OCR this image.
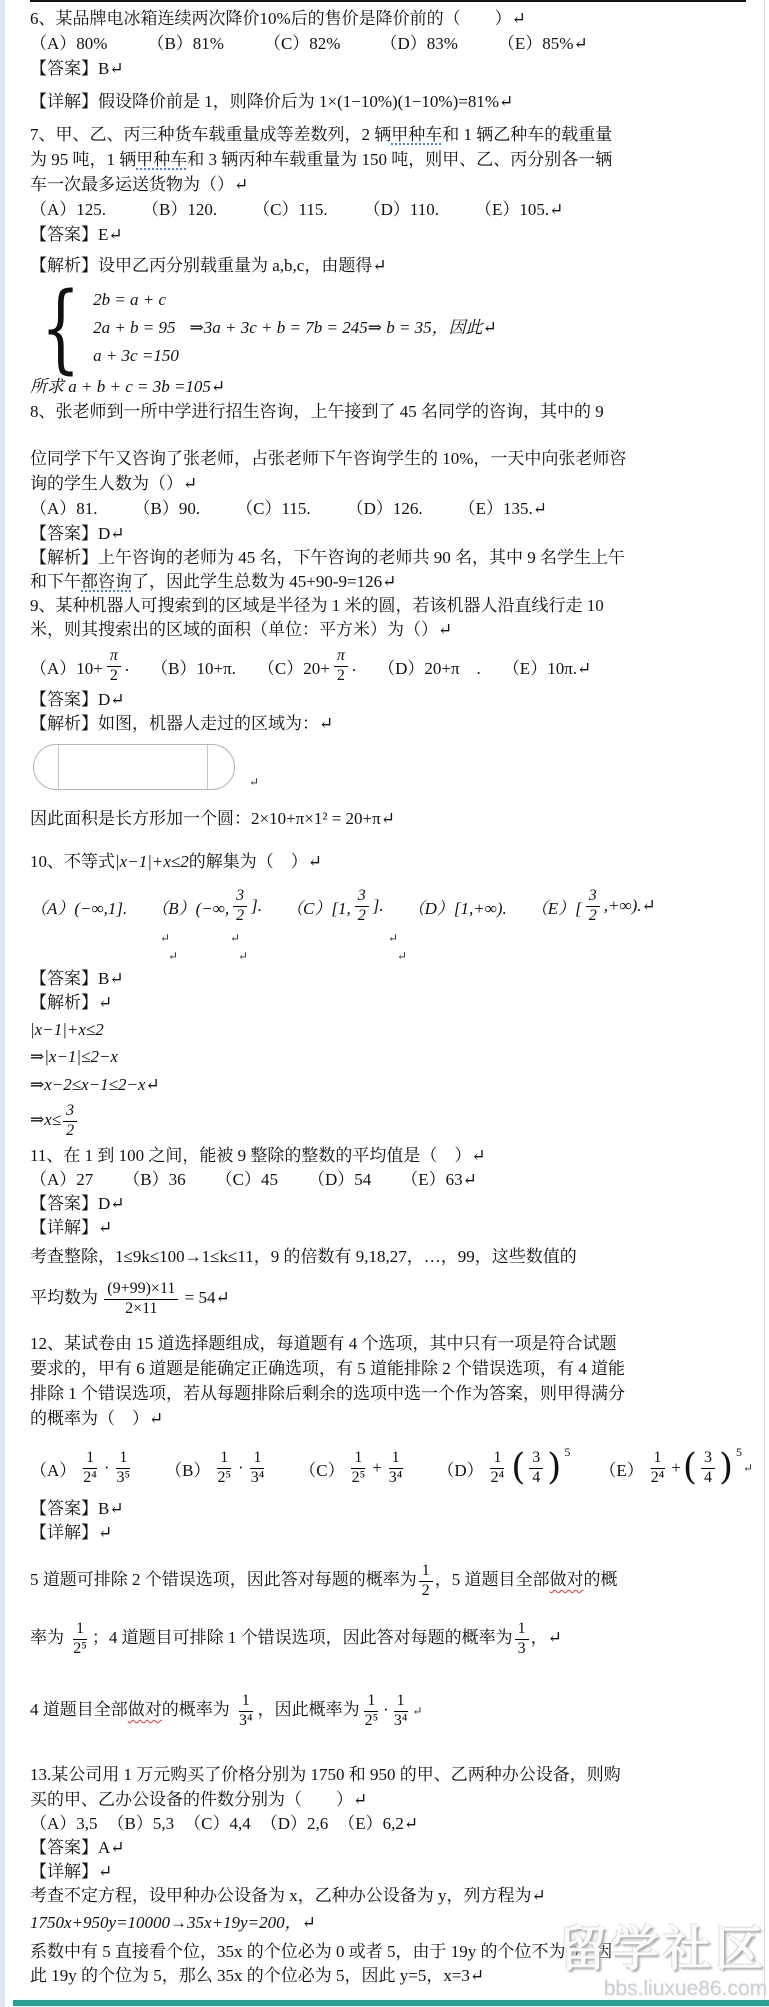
6、某品牌电冰箱连续两次降价10%后的售价是降价前的（　　）↵
（A）80% （B）81% （C）82% （D）83% （E）85%↵
【答案】B↵
【详解】假设降价前是 1，则降价后为 1×(1−10%)(1−10%)=81%↵
7、甲、乙、丙三种货车载重量成等差数列，2 辆甲种车和 1 辆乙种车的载重量
为 95 吨，1 辆甲种车和 3 辆丙种车载重量为 150 吨，则甲、乙、丙分别各一辆
车一次最多运送货物为（）↵
（A）125. （B）120. （C）115. （D）110. （E）105.↵
【答案】E↵
【解析】设甲乙丙分别载重量为 a,b,c，由题得↵
{ 2b = a + c
2a + b = 95 ⇒3a + 3c + b = 7b = 245⇒ b = 35，因此↵
a + 3c =150
所求 a + b + c = 3b =105↵
8、张老师到一所中学进行招生咨询，上午接到了 45 名同学的咨询，其中的 9
位同学下午又咨询了张老师，占张老师下午咨询学生的 10%，一天中向张老师咨
询的学生人数为（）↵
（A）81. （B）90. （C）115. （D）126. （E）135.↵
【答案】D↵
【解析】上午咨询的老师为 45 名，下午咨询的老师共 90 名，其中 9 名学生上午
和下午都咨询了，因此学生总数为 45+90-9=126↵
9、某种机器人可搜索到的区域是半径为 1 米的圆，若该机器人沿直线行走 10
米，则其搜索出的区域的面积（单位：平方米）为（）↵
$(A)10+ \frac{\pi}{2}$ . （B）10+π. $(C)20+ \frac{\pi}{2}$ . （D）20+π　. （E）10π.↵
【答案】D↵
【解析】如图，机器人走过的区域为：↵
↵
因此面积是长方形加一个圆：2×10+π×1² = 20+π↵
10、不等式|x−1|+x≤2的解集为（　）↵
（A）(−∞,1]. （B）(−∞, $\frac{3}{2}$ ]. （C）[1, $\frac{3}{2}$ ]. （D）[1,+∞). $(E)[ \frac{3}{2}$ ,+∞).↵
↵	↵	↵
↵	↵	↵
【答案】B↵
【解析】↵
|x−1|+x≤2
⇒|x−1|≤2−x
⇒x−2≤x−1≤2−x↵
⇒x≤ $\frac{3}{2}$
11、在 1 到 100 之间，能被 9 整除的整数的平均值是（　）↵
（A）27 （B）36 （C）45 （D）54 （E）63↵
【答案】D↵
【详解】↵
考查整除，1≤9k≤100→1≤k≤11，9 的倍数有 9,18,27，…，99，这些数值的
平均数为 $\frac{(9+99)\times 11}{2\times 11}$ = 54↵
12、某试卷由 15 道选择题组成，每道题有 4 个选项，其中只有一项是符合试题
要求的，甲有 6 道题是能确定正确选项，有 5 道能排除 2 个错误选项，有 4 道能
排除 1 个错误选项，若从每题排除后剩余的选项中选一个作为答案，则甲得满分
的概率为（　）↵
$(A) \frac{1}{\text{2⁴}} \cdot \frac{1}{\text{3⁵}} (B) \frac{1}{\text{2⁵}} \cdot \frac{1}{\text{3⁴}} (C) \frac{1}{\text{2⁵}} + \frac{1}{\text{3⁴}} (D) \frac{1}{\text{2⁴}}$ ( $\frac{3}{4}$ ) 5
$(E) \frac{1}{\text{2⁴}}$ + ( $\frac{3}{4}$ ) 5
↵
【答案】B↵
【详解】↵
5 道题可排除 2 个错误选项，因此答对每题的概率为 $\frac{1}{2}$ ，5 道题目全部做对的概
率为 $\frac{1}{\text{2⁵}}$ ；4 道题目可排除 1 个错误选项，因此答对每题的概率为 $\frac{1}{3}$ ，↵
4 道题目全部做对的概率为 $\frac{1}{\text{3⁴}}$ ，因此概率为 $\frac{1}{\text{2⁵}} \cdot \frac{1}{\text{3⁴}}$ ↵
13.某公司用 1 万元购买了价格分别为 1750 和 950 的甲、乙两种办公设备，则购
买的甲、乙办公设备的件数分别为（　　）↵
（A）3,5 （B）5,3 （C）4,4 （D）2,6 （E）6,2↵
【答案】A↵
【详解】↵
考查不定方程，设甲种办公设备为 x，乙种办公设备为 y，列方程为↵
1750x+950y=10000→35x+19y=200，↵
系数中有 5 直接看个位，35x 的个位必为 0 或者 5，由于 19y 的个位不为 0，因
此 19y 的个位为 5，那么 35x 的个位必为 5，因此 y=5，x=3↵	留学社区
bbs.liuxue86.com
